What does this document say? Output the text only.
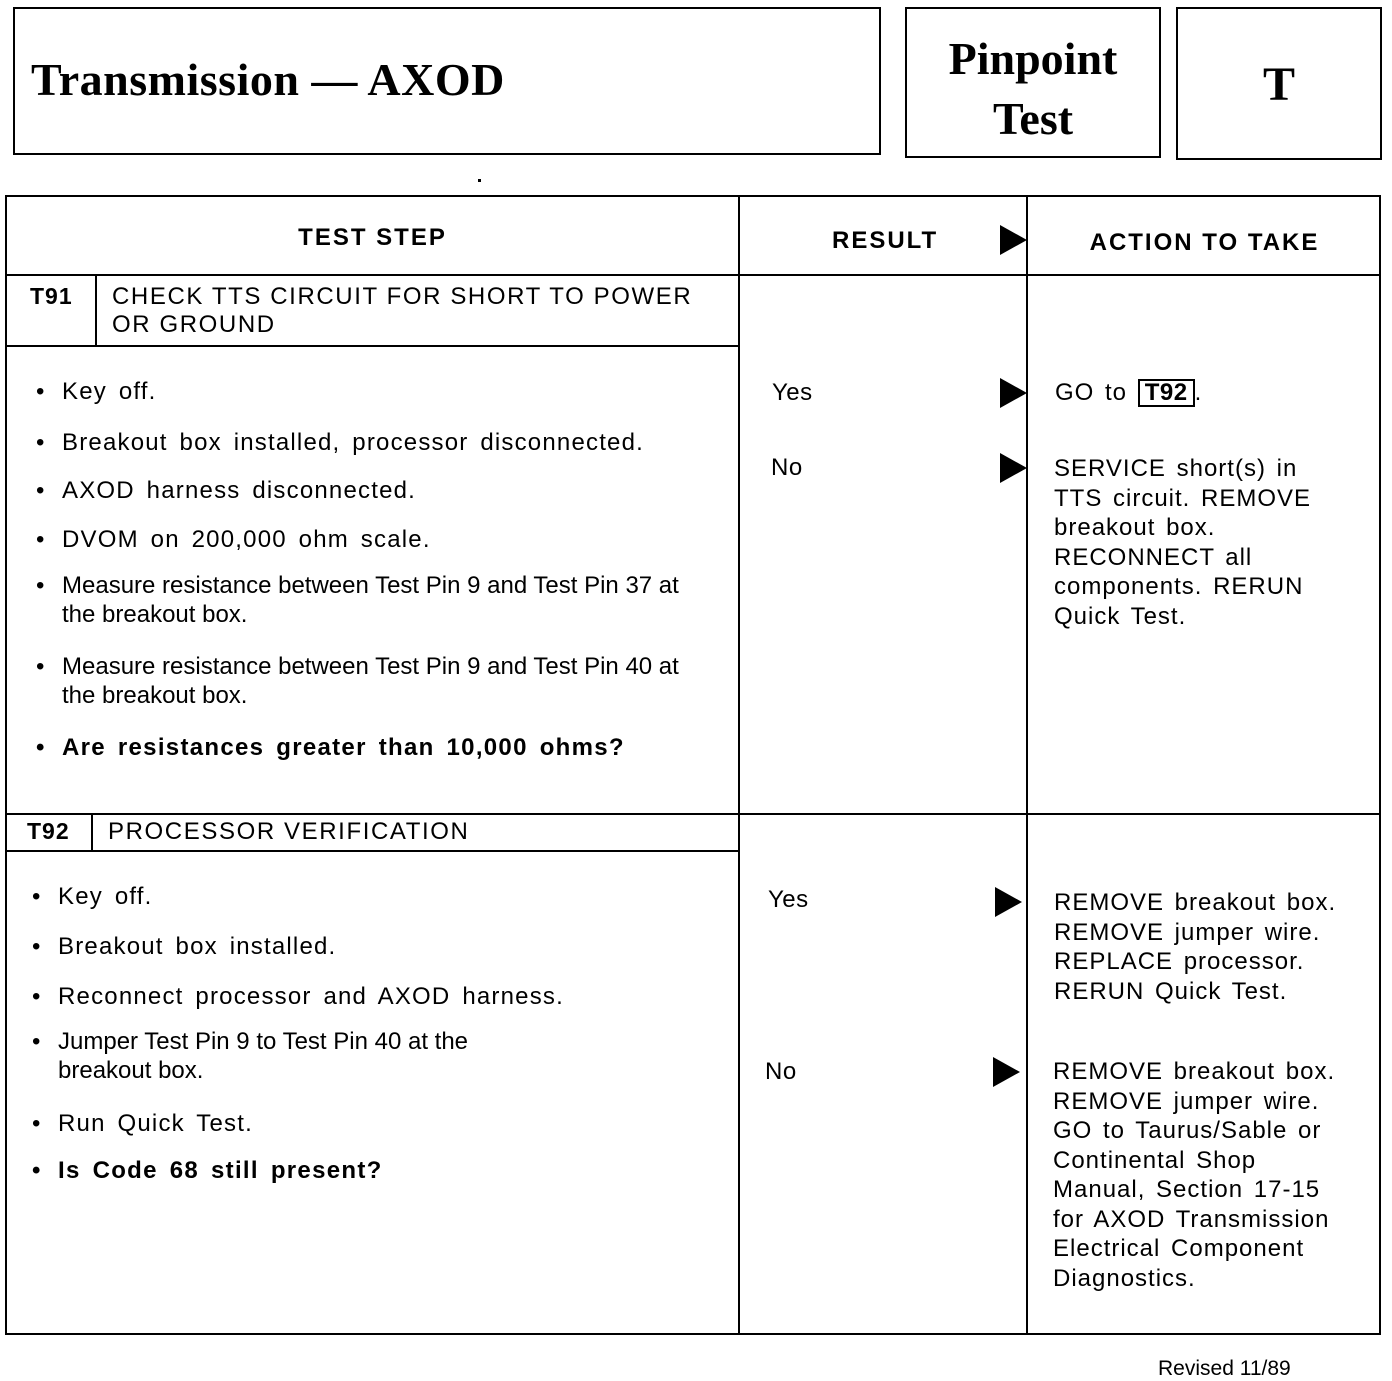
Transmission — AXOD	Pinpoint
Test
T
TEST STEP	RESULT	ACTION TO TAKE
T91 CHECK TTS CIRCUIT FOR SHORT TO POWER
OR GROUND
• Key off.
• Breakout box installed, processor disconnected.
• AXOD harness disconnected.
• DVOM on 200,000 ohm scale.
• Measure resistance between Test Pin 9 and Test Pin 37 at the breakout box.
• Measure resistance between Test Pin 9 and Test Pin 40 at the breakout box.
• Are resistances greater than 10,000 ohms?
Yes	GO to T92 .
No	SERVICE short(s) in
TTS circuit. REMOVE
breakout box.
RECONNECT all
components. RERUN
Quick Test.
T92 PROCESSOR VERIFICATION
• Key off.
• Breakout box installed.
• Reconnect processor and AXOD harness.
• Jumper Test Pin 9 to Test Pin 40 at the breakout box.
• Run Quick Test.
• Is Code 68 still present?
Yes	REMOVE breakout box.
REMOVE jumper wire.
REPLACE processor.
RERUN Quick Test.
No	REMOVE breakout box.
REMOVE jumper wire.
GO to Taurus/Sable or
Continental Shop
Manual, Section 17-15
for AXOD Transmission
Electrical Component
Diagnostics.
Revised 11/89
